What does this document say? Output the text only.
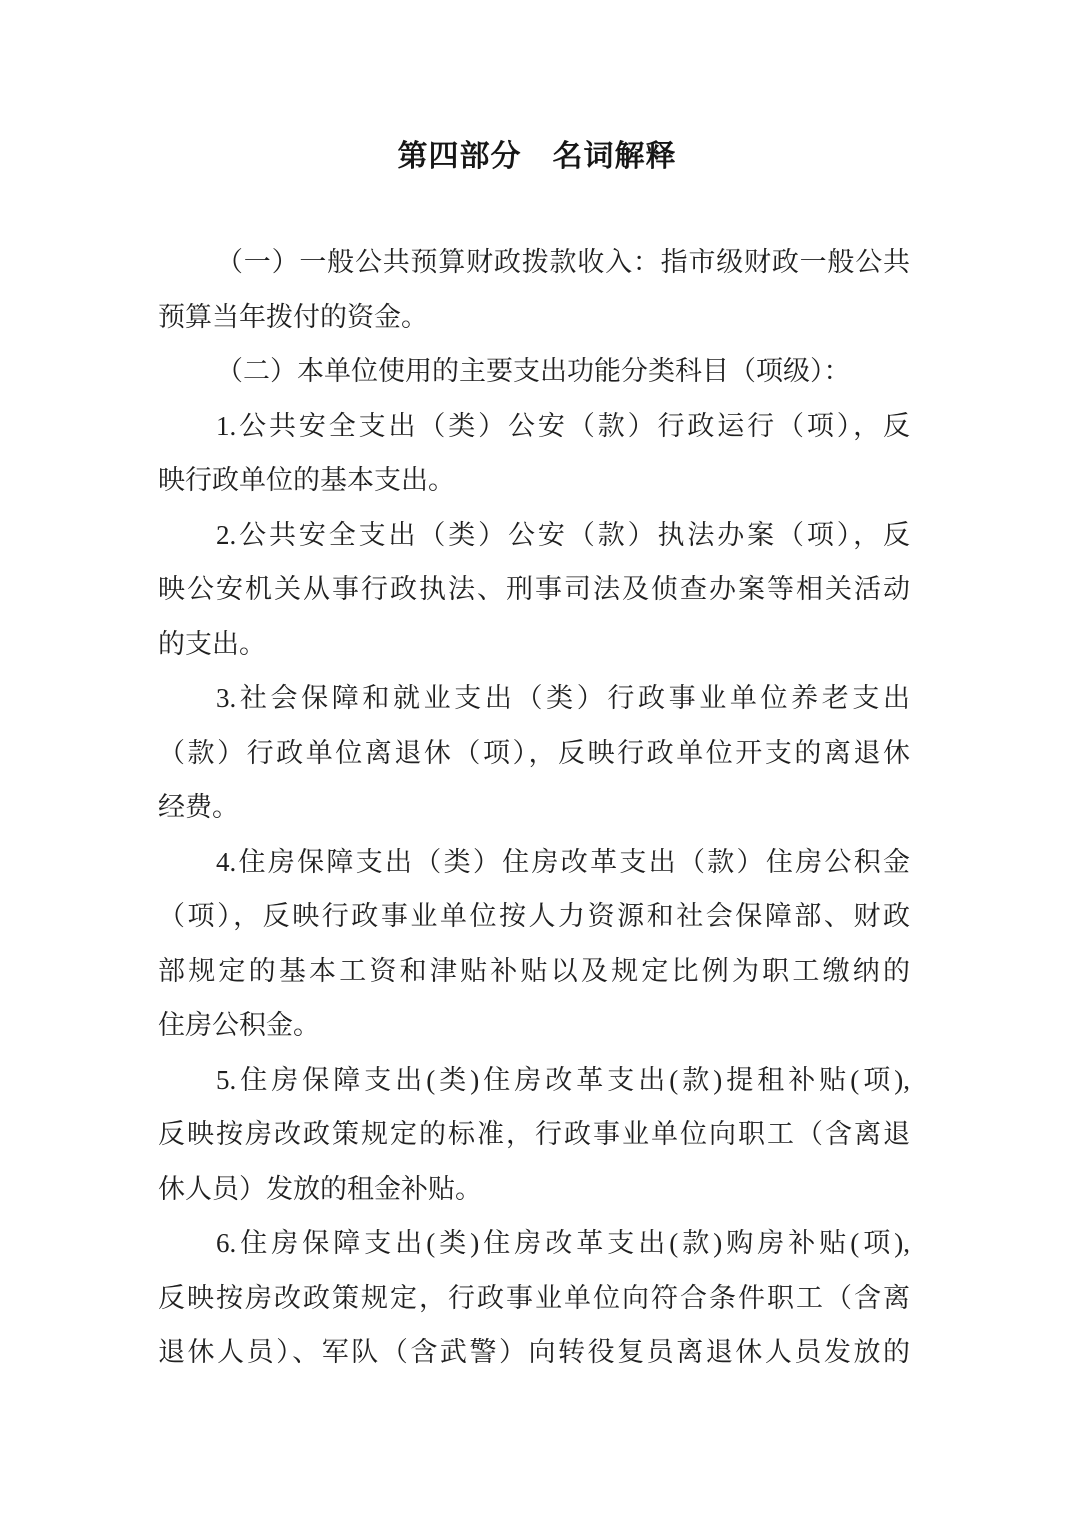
第四部分　名词解释
（一）一般公共预算财政拨款收入：指市级财政一般公共
预算当年拨付的资金。
（二）本单位使用的主要支出功能分类科目（项级）：
1.公共安全支出（类）公安（款）行政运行（项），反
映行政单位的基本支出。
2.公共安全支出（类）公安（款）执法办案（项），反
映公安机关从事行政执法、刑事司法及侦查办案等相关活动
的支出。
3.社会保障和就业支出（类）行政事业单位养老支出
（款）行政单位离退休（项），反映行政单位开支的离退休
经费。
4.住房保障支出（类）住房改革支出（款）住房公积金
（项），反映行政事业单位按人力资源和社会保障部、财政
部规定的基本工资和津贴补贴以及规定比例为职工缴纳的
住房公积金。
5.住房保障支出(类)住房改革支出(款)提租补贴(项),
反映按房改政策规定的标准，行政事业单位向职工（含离退
休人员）发放的租金补贴。
6.住房保障支出(类)住房改革支出(款)购房补贴(项),
反映按房改政策规定，行政事业单位向符合条件职工（含离
退休人员）、军队（含武警）向转役复员离退休人员发放的
